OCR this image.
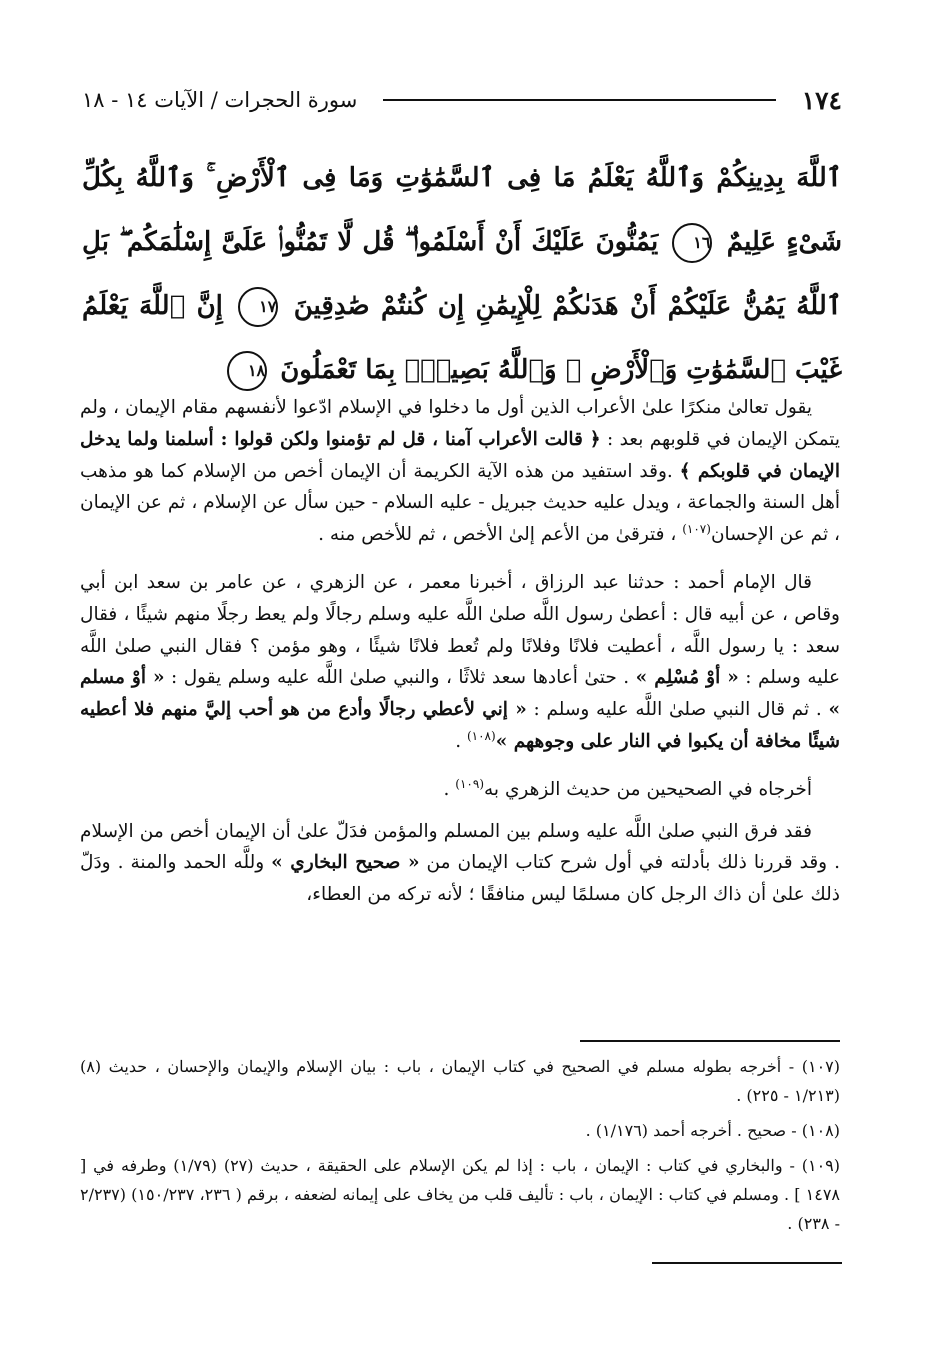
١٧٤
سورة الحجرات / الآيات ١٤ - ١٨
ٱللَّهَ بِدِينِكُمْ وَٱللَّهُ يَعْلَمُ مَا فِى ٱلسَّمَٰوَٰتِ وَمَا فِى ٱلْأَرْضِ ۚ وَٱللَّهُ بِكُلِّ شَىْءٍ عَلِيمٌ ١٦ يَمُنُّونَ عَلَيْكَ أَنْ أَسْلَمُوا۟ ۖ قُل لَّا تَمُنُّوا۟ عَلَىَّ إِسْلَٰمَكُم ۖ بَلِ ٱللَّهُ يَمُنُّ عَلَيْكُمْ أَنْ هَدَىٰكُمْ لِلْإِيمَٰنِ إِن كُنتُمْ صَٰدِقِينَ ١٧ إِنَّ ٱللَّهَ يَعْلَمُ غَيْبَ ٱلسَّمَٰوَٰتِ وَٱلْأَرْضِ ۚ وَٱللَّهُ بَصِيرٌۢ بِمَا تَعْمَلُونَ ١٨

يقول تعالىٰ منكرًا علىٰ الأعراب الذين أول ما دخلوا في الإسلام ادّعوا لأنفسهم مقام الإيمان ، ولم يتمكن الإيمان في قلوبهم بعد : ﴿ قالت الأعراب آمنا ، قل لم تؤمنوا ولكن قولوا : أسلمنا ولما يدخل الإيمان في قلوبكم ﴾ .وقد استفيد من هذه الآية الكريمة أن الإيمان أخص من الإسلام كما هو مذهب أهل السنة والجماعة ، ويدل عليه حديث جبريل - عليه السلام - حين سأل عن الإسلام ، ثم عن الإيمان ، ثم عن الإحسان$^{(١٠٧)}$ ، فترقىٰ من الأعم إلىٰ الأخص ، ثم للأخص منه .

قال الإمام أحمد : حدثنا عبد الرزاق ، أخبرنا معمر ، عن الزهري ، عن عامر بن سعد ابن أبي وقاص ، عن أبيه قال : أعطىٰ رسول اللَّه صلىٰ اللَّه عليه وسلم رجالًا ولم يعط رجلًا منهم شيئًا ، فقال سعد : يا رسول اللَّه ، أعطيت فلانًا وفلانًا ولم تُعط فلانًا شيئًا ، وهو مؤمن ؟ فقال النبي صلىٰ اللَّه عليه وسلم : « أوْ مُسْلِم » . حتىٰ أعادها سعد ثلاثًا ، والنبي صلىٰ اللَّه عليه وسلم يقول : « أوْ مسلم » . ثم قال النبي صلىٰ اللَّه عليه وسلم : « إني لأعطي رجالًا وأدع من هو أحب إليَّ منهم فلا أعطيه شيئًا مخافة أن يكبوا في النار على وجوههم »$^{(١٠٨)}$ .

أخرجاه في الصحيحين من حديث الزهري به$^{(١٠٩)}$ .

فقد فرق النبي صلىٰ اللَّه عليه وسلم بين المسلم والمؤمن فدَلّ علىٰ أن الإيمان أخص من الإسلام . وقد قررنا ذلك بأدلته في أول شرح كتاب الإيمان من « صحيح البخاري » وللَّه الحمد والمنة . ودَلّ ذلك علىٰ أن ذاك الرجل كان مسلمًا ليس منافقًا ؛ لأنه تركه من العطاء،

(١٠٧) - أخرجه بطوله مسلم في الصحيح في كتاب الإيمان ، باب : بيان الإسلام والإيمان والإحسان ، حديث (٨) (١/٢١٣ - ٢٢٥) .

(١٠٨) - صحيح . أخرجه أحمد (١/١٧٦) .

(١٠٩) - والبخاري في كتاب : الإيمان ، باب : إذا لم يكن الإسلام على الحقيقة ، حديث (٢٧) (١/٧٩) وطرفه في [ ١٤٧٨ ] . ومسلم في كتاب : الإيمان ، باب : تأليف قلب من يخاف على إيمانه لضعفه ، برقم ( ٢٣٦، ١٥٠/٢٣٧) (٢/٢٣٧ - ٢٣٨) .
